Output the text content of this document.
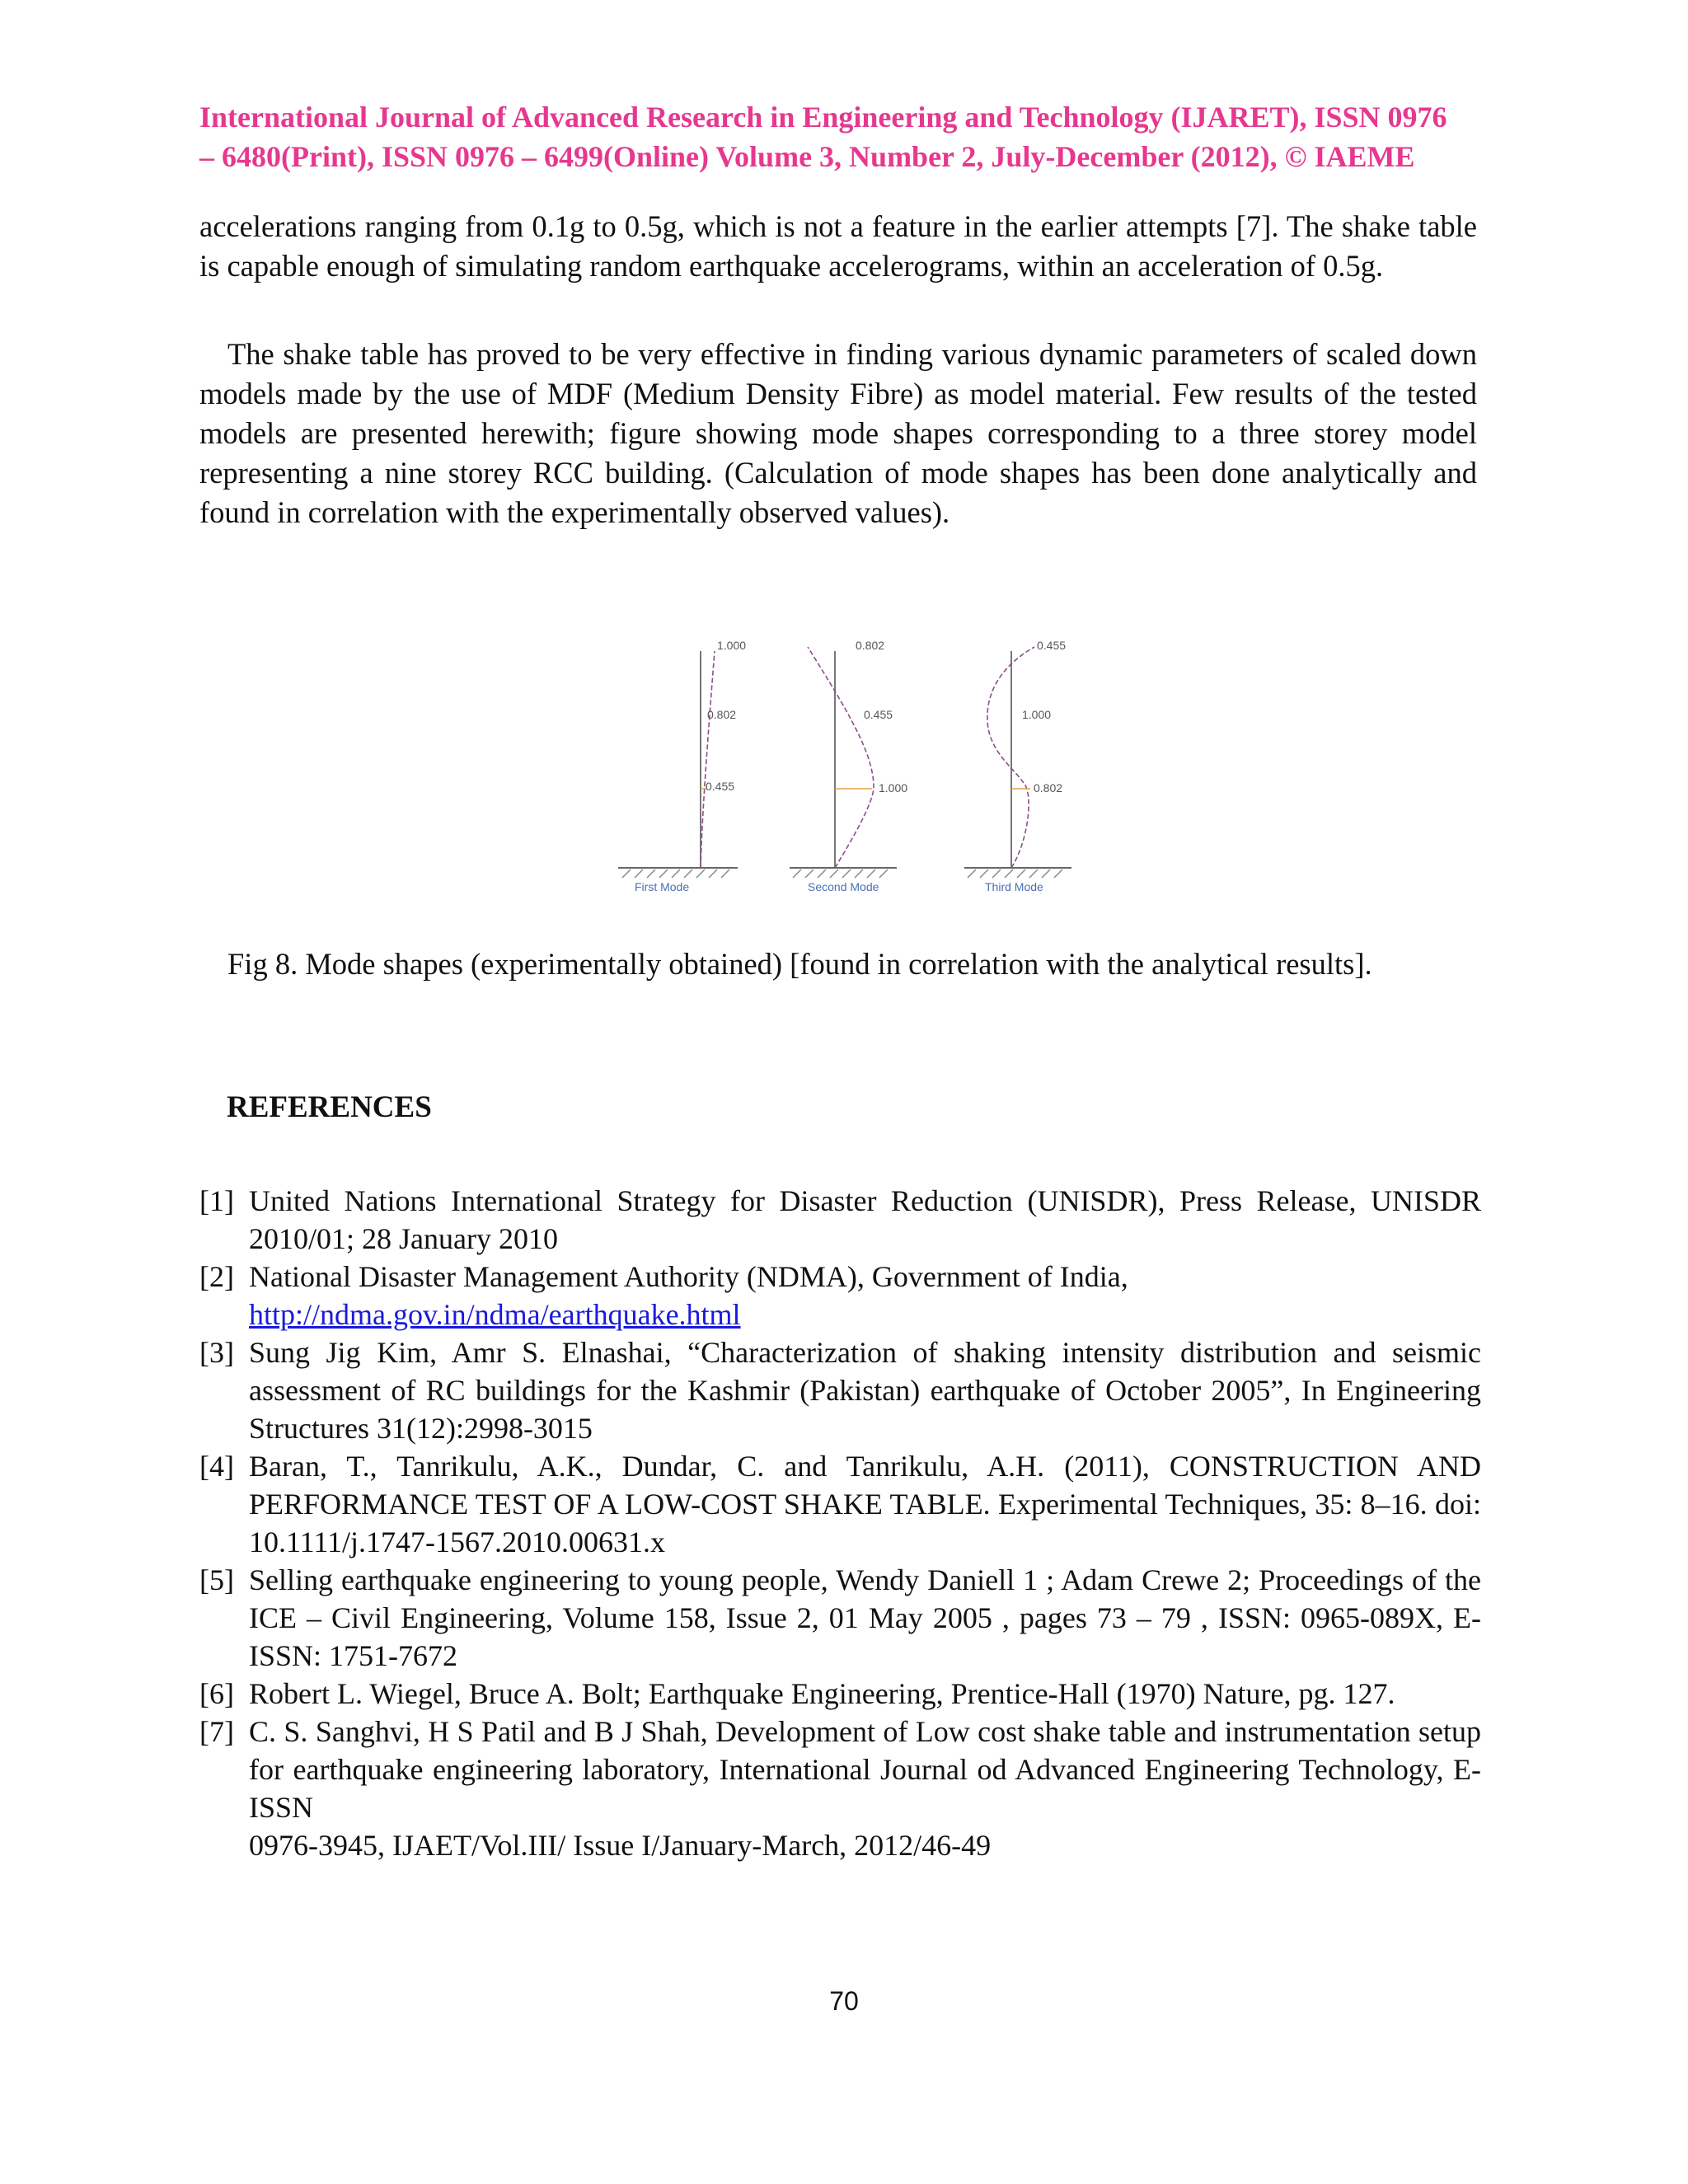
International Journal of Advanced Research in Engineering and Technology (IJARET), ISSN 0976
– 6480(Print), ISSN 0976 – 6499(Online) Volume 3, Number 2, July-December (2012), © IAEME
accelerations ranging from 0.1g to 0.5g, which is not a feature in the earlier attempts [7]. The shake table is capable enough of simulating random earthquake accelerograms, within an acceleration of 0.5g.
The shake table has proved to be very effective in finding various dynamic parameters of scaled down models made by the use of MDF (Medium Density Fibre) as model material. Few results of the tested models are presented herewith; figure showing mode shapes corresponding to a three storey model representing a nine storey RCC building. (Calculation of mode shapes has been done analytically and found in correlation with the experimentally observed values).
1.000
0.802
0.455
First Mode
0.802
0.455
1.000
Second Mode
0.455
1.000
0.802
Third Mode
Fig 8. Mode shapes (experimentally obtained) [found in correlation with the analytical results].
REFERENCES
[1] United Nations International Strategy for Disaster Reduction (UNISDR), Press Release, UNISDR 2010/01; 28 January 2010
[2] National Disaster Management Authority (NDMA), Government of India,
http://ndma.gov.in/ndma/earthquake.html
[3] Sung Jig Kim, Amr S. Elnashai, “Characterization of shaking intensity distribution and seismic assessment of RC buildings for the Kashmir (Pakistan) earthquake of October 2005”, In Engineering Structures 31(12):2998-3015
[4] Baran, T., Tanrikulu, A.K., Dundar, C. and Tanrikulu, A.H. (2011), CONSTRUCTION AND PERFORMANCE TEST OF A LOW-COST SHAKE TABLE. Experimental Techniques, 35: 8–16. doi: 10.1111/j.1747-1567.2010.00631.x
[5] Selling earthquake engineering to young people, Wendy Daniell 1 ; Adam Crewe 2; Proceedings of the ICE – Civil Engineering, Volume 158, Issue 2, 01 May 2005 , pages 73 – 79 , ISSN: 0965-089X, E-ISSN: 1751-7672
[6] Robert L. Wiegel, Bruce A. Bolt; Earthquake Engineering, Prentice-Hall (1970) Nature, pg. 127.
[7] C. S. Sanghvi, H S Patil and B J Shah, Development of Low cost shake table and instrumentation setup for earthquake engineering laboratory, International Journal od Advanced Engineering Technology, E-ISSN
0976-3945, IJAET/Vol.III/ Issue I/January-March, 2012/46-49
70
